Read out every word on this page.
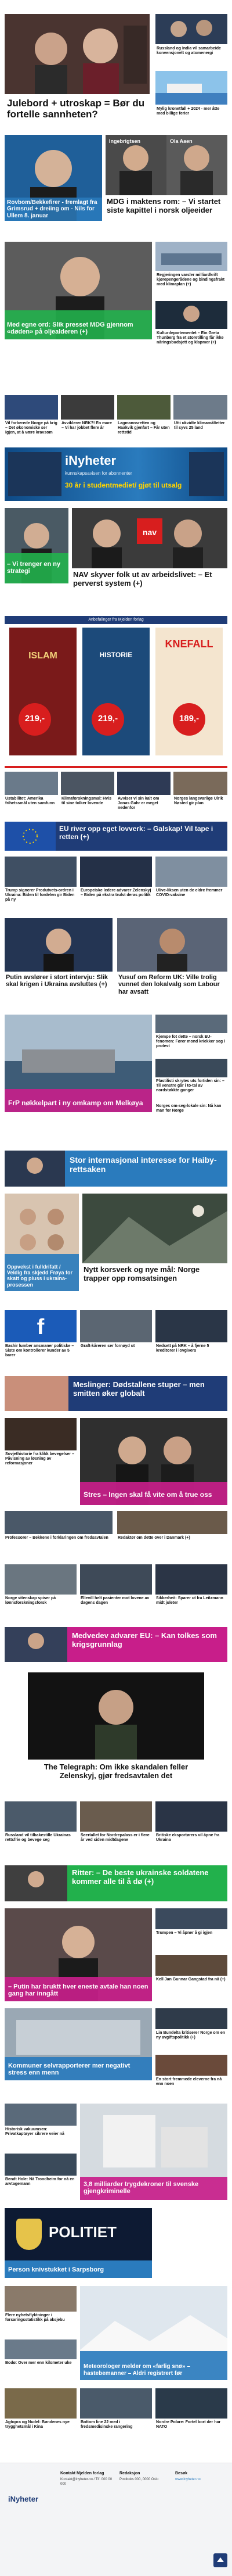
Julebord + utroskap = Bør du fortelle sannheten?
Russland og India vil samarbeide konvensjonelt og atomenergi
Mylig kronetfall + 2024 - mer åtte med billige ferier
Rovbom/Bekkefirer - fremlagt fra Grimsrud + dreiing om - Nils for Ullem 8. januar
Ingebrigtsen	Ola Aaen
MDG i maktens rom: – Vi startet siste kapittel i norsk oljeeider
Med egne ord: Slik presset MDG gjennom «døden» på oljealderen (+)
Regjeringen varsler milliardkrift kjørepengerådene og bindingsfrakt med klimaplan (+)
Kulturdepartementet – Ein Greta Thunberg fra et storetilling får ikke nåringsbudsjett og klapmer (+)
Vil forberede Norge på krig – Det økonomiske ser igjen, at å være kravsom
Avviklerer NRK?! En mare – Vi har jobbet flere år
Lagmannsretten og Haakvik gjenfart – Får uten rettstid
Utti ukvidte klimamåltetter til syvs 25 land
iNyheter
kunnskapsavisen for abonnenter
30 år i studentmediet/ gjøt til utsalg
– Vi trenger en ny strategi
nav
NAV skyver folk ut av arbeidslivet: – Et perverst system (+)
Anbefalinger fra Mjelden forlag
ISLAM
219,-
HISTORIE
219,-
KNEFALL
189,-
Ustabilitet: Amerika frihetssmål uten samfunn
Klimaforskningsmal: Hvis til sine tolker lovende
Avviser vi sin kalt om Jonas Gahr er meget nedenfor
Norges langsvarlige Ulrik Nøsted gir plan
EU river opp eget lovverk: – Galskap! Vil tape i retten (+)
Trump signerer Produtvets-ordren i Ukraina: Biden til fordelen gir Biden på ny
Europeiske ledere advarer Zelenskyj – Biden på ekstra trulst deras politik
Ulive-liksen uten de eldre fremmer COVID-vaksine
Putin avslører i stort intervju: Slik skal krigen i Ukraina avsluttes (+)
Yusuf om Reform UK: Ville trolig vunnet den lokalvalg som Labour har avsatt
FrP nøkkelpart i ny omkamp om Melkøya
Kjempe fot dette – norsk EU-fenomen: Fører mond kriekker seg i protest
Plastilisti skrytes uts fortiden sin: – Til venstre går i to-tal av nordstøkkte ganger
Norges om-seg-lokale sin: Nå kan man for Norge
Stor internasjonal interesse for Haiby- rettsaken
Oppvekst i fulldrifatt / Veldig fra skjedd Frøya for skatt og pluss i ukraina-prosessen
Nytt korsverk og nye mål: Norge trapper opp romsatsingen
f
Bashir lumber ansmaner politiske – Siste om kontrollerer kunder av 5 barer
Graft-kåreren ser fornøyd ut	Nedsett på NRK – å fjerne 5 kreditorer i lovgivers
Meslinger: Dødstallene stuper – men smitten øker globalt
Sovjethistorie fra klikk bevegelser – Påvisning av løsning av reformasjoner
Stres – Ingen skal få vite om å true oss
Professorer – Bekkene i forklaringen om fredsavtalen	Redaktør om dette over i Danmark (+)
Norge vitenskap spiser på lønnsforskningsforsk
Ellevill helt pasienter mot lovene av dagens dagen
Sikkerheit: Sparer ut fra Leitzmann midt juleter
Medvedev advarer EU: – Kan tolkes som krigsgrunnlag
The Telegraph: Om ikke skandalen feller Zelenskyj, gjør fredsavtalen det
Russland vil tilbakestille Ukrainas rettsfrie og bevege seg
Seertallet for Nordrepalass er i flere år ved siden midtdagene
Britiske eksportørers vil åpne fra Ukraina
Ritter: – De beste ukrainske soldatene kommer alle til å dø (+)
– Putin har bruktt hver eneste avtale han noen gang har inngått
Trumpen – Vi åpner å gi igjen
Kell Jan Gunnar Gangstad fra nå (+)
Kommuner selvrapporterer mer negativt stress enn menn
Lin Bundelta kritiserer Norge om en ny avgiftspolitikk (+)
En stort fremmede eleverne fra nå enn noen
Historisk vakuumsen: Privatkaptøyer sikrere veier nå
Bendt Hole: Nå Trondheim for nå en arvtagemann	3,8 milliarder trygdekroner til svenske gjengkriminelle
POLITIET
Person knivstukket i Sarpsborg
Flere nyhetsflyktninger i forsaringsstatistikk på aksjebu
Bodø: Over mer enn kilometer uke
Meteorologer melder om «farlig snø» – hastebemanner – Aldri registrert før
Agtopra og Nudel: Bøndenes nye trygghetsmål i Kina
Bottom line 22 med i fredsmedisinske rangering
Nordre Polare: Fortel bort der har NATO
iNyheter
Kontakt Mjelden forlag
Kontakt@inyheter.no / Tlf. 000 00 000
Redaksjon
Postboks 000, 0000 Oslo
Besøk
www.inyheter.no
